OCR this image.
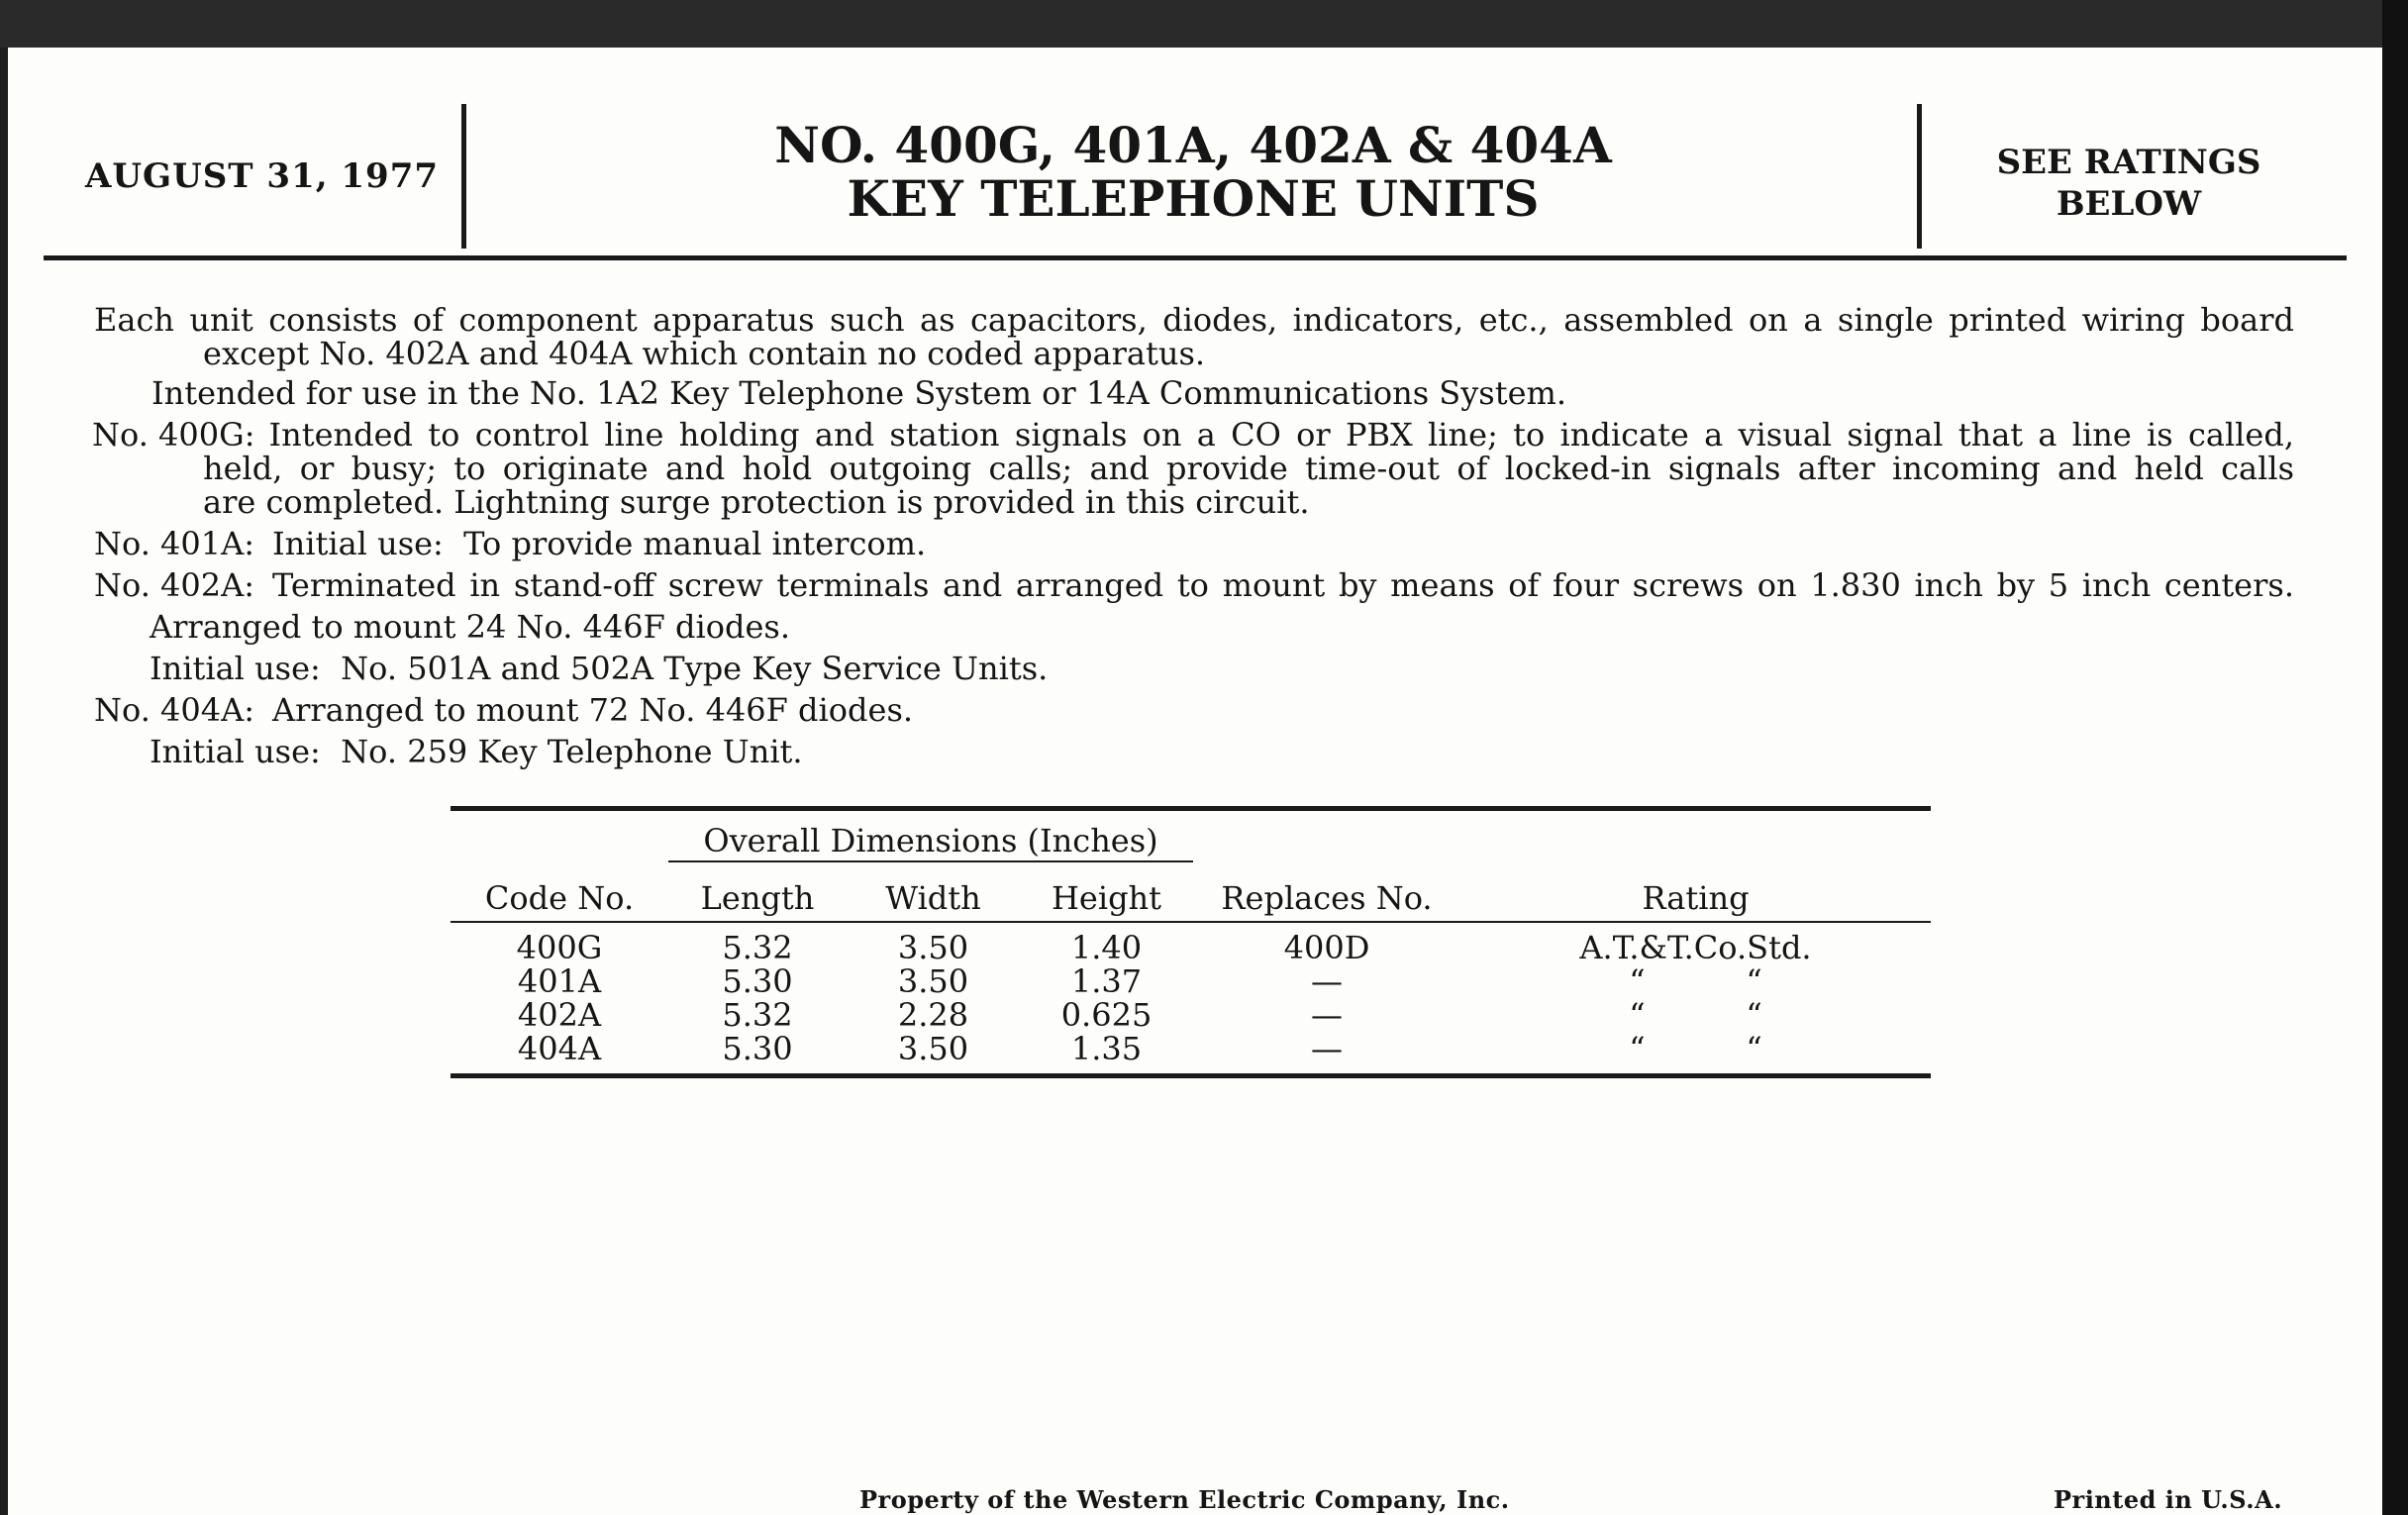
AUGUST 31, 1977
NO. 400G, 401A, 402A & 404A
KEY TELEPHONE UNITS
SEE RATINGS
BELOW

Each unit consists of component apparatus such as capacitors, diodes, indicators, etc., assembled on a single printed wiring board

except No. 402A and 404A which contain no coded apparatus.

Intended for use in the No. 1A2 Key Telephone System or 14A Communications System.

No. 400G: Intended to control line holding and station signals on a CO or PBX line; to indicate a visual signal that a line is called,

held, or busy; to originate and hold outgoing calls; and provide time-out of locked-in signals after incoming and held calls

are completed. Lightning surge protection is provided in this circuit.

No. 401A: Initial use:  To provide manual intercom.
No. 402A: Terminated in stand-off screw terminals and arranged to mount by means of four screws on 1.830 inch by 5 inch centers.

Arranged to mount 24 No. 446F diodes.

Initial use:  No. 501A and 502A Type Key Service Units.

No. 404A: Arranged to mount 72 No. 446F diodes.

Initial use:  No. 259 Key Telephone Unit.

	Overall Dimensions (Inches)				
Code No.	Length	Width	Height	Replaces No.	Rating

400G	5.32	3.50	1.40	400D	A.T.&T.Co.Std.
401A	5.30	3.50	1.37	—	“          “
402A	5.32	2.28	0.625	—	“          “
404A	5.30	3.50	1.35	—	“          “

Property of the Western Electric Company, Inc.	Printed in U.S.A.
